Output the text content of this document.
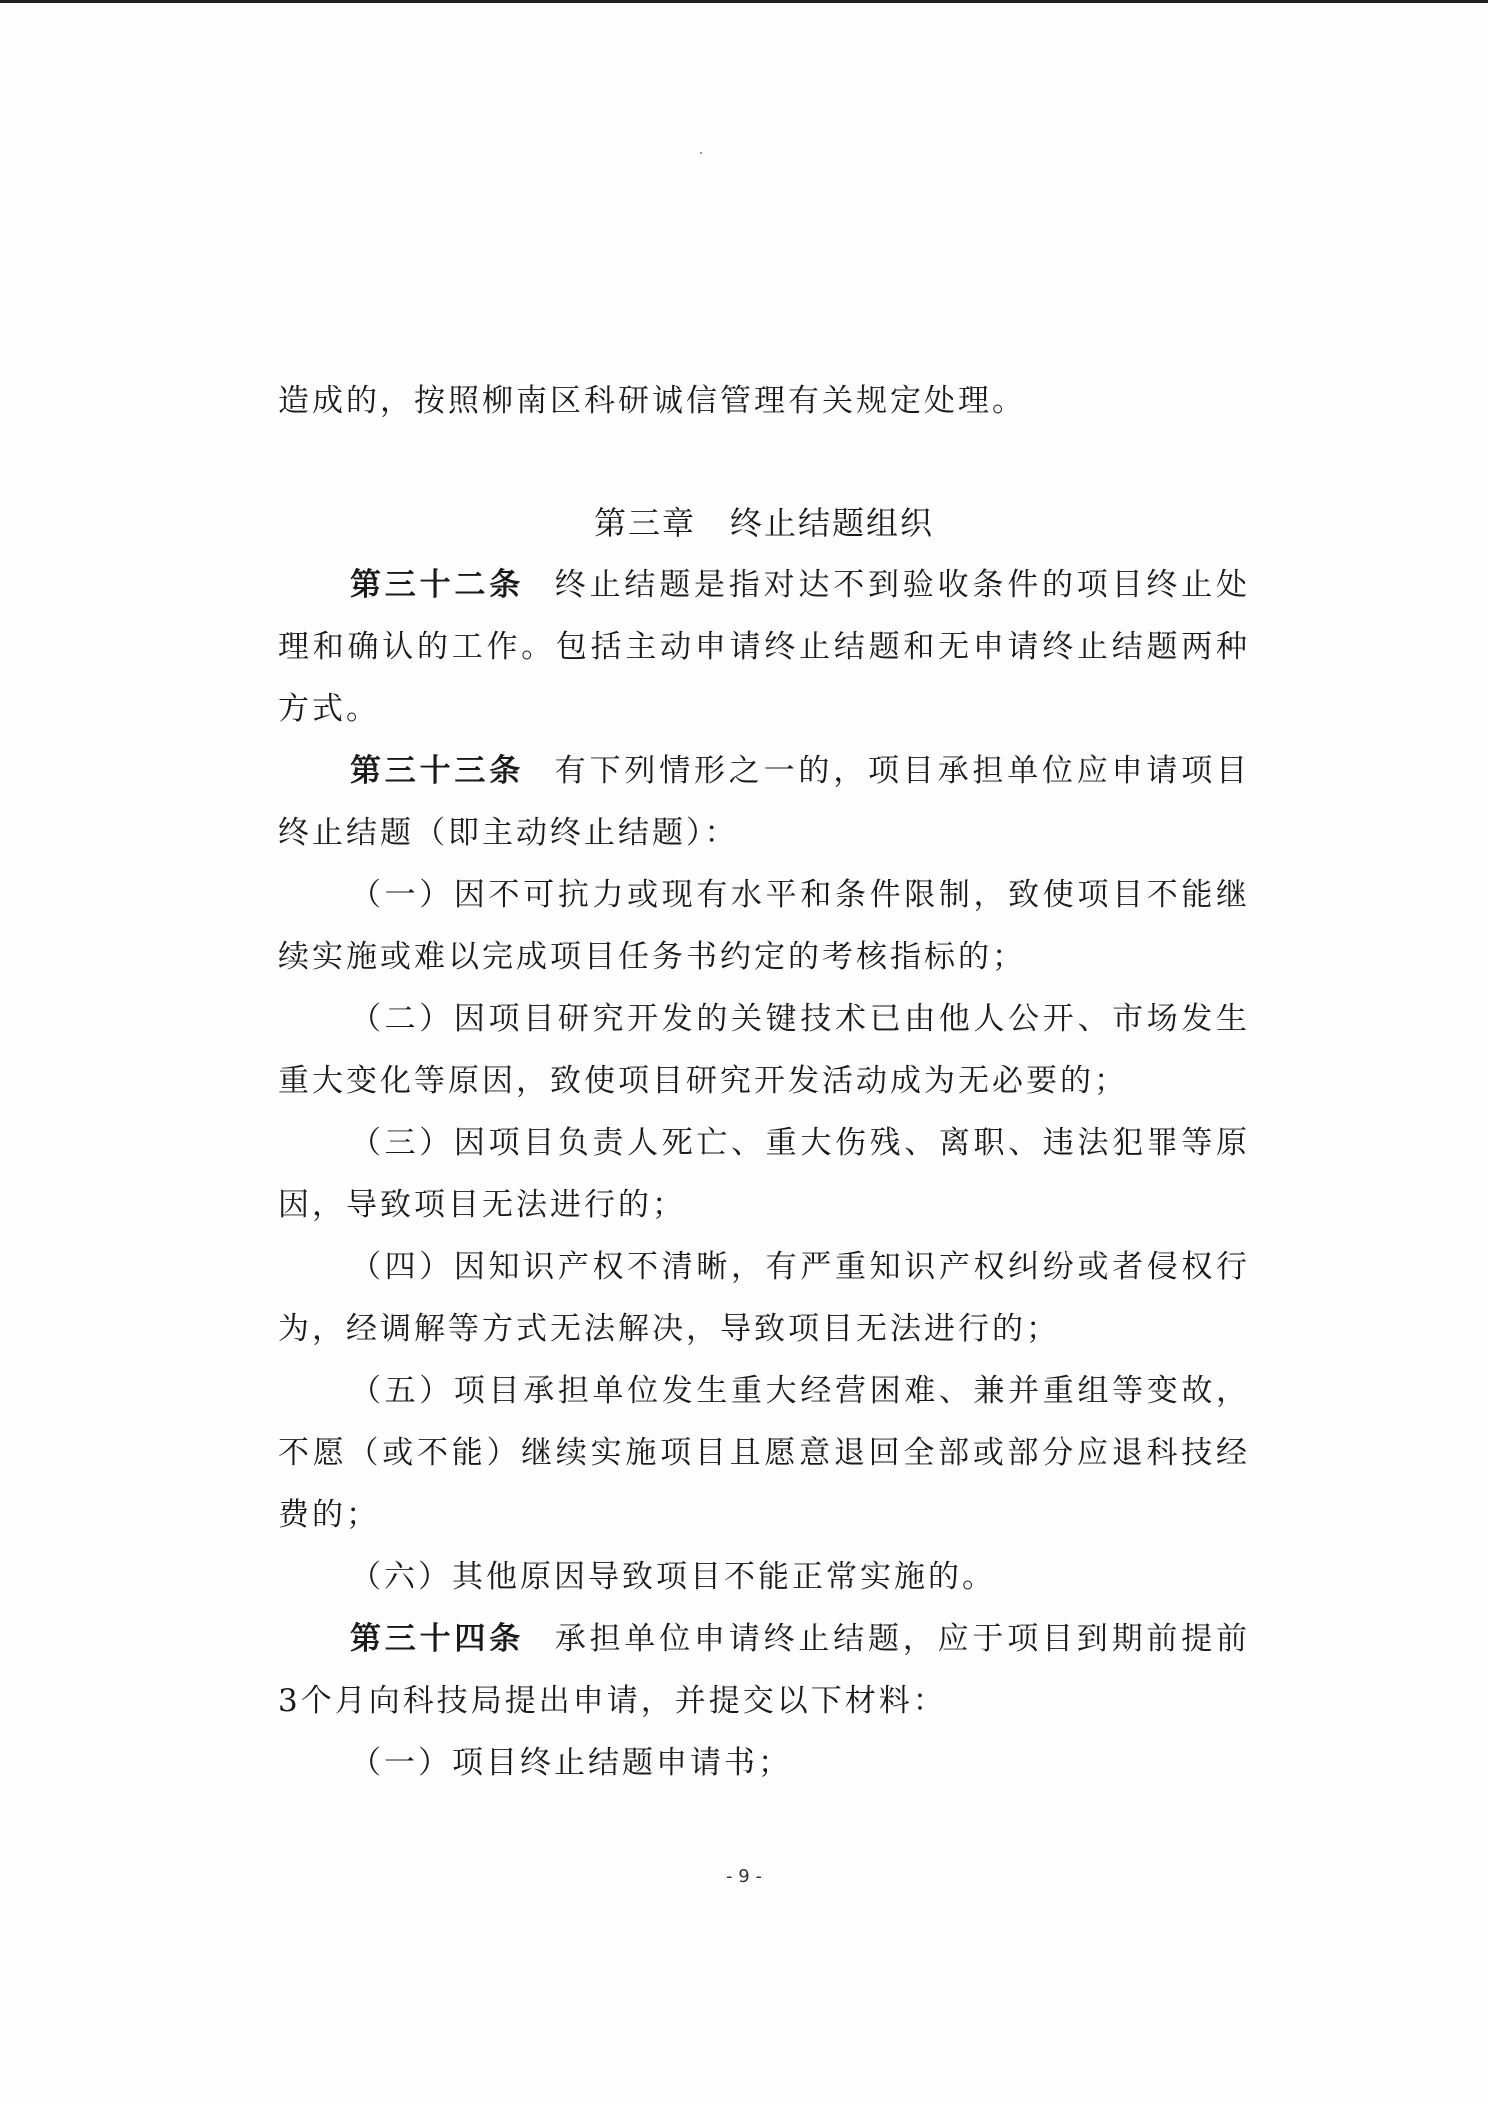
造成的，按照柳南区科研诚信管理有关规定处理。

第三章 终止结题组织

第三十二条 终止结题是指对达不到验收条件的项目终止处理和确认的工作。包括主动申请终止结题和无申请终止结题两种方式。

第三十三条 有下列情形之一的，项目承担单位应申请项目终止结题（即主动终止结题）：

（一）因不可抗力或现有水平和条件限制，致使项目不能继续实施或难以完成项目任务书约定的考核指标的；

（二）因项目研究开发的关键技术已由他人公开、市场发生重大变化等原因，致使项目研究开发活动成为无必要的；

（三）因项目负责人死亡、重大伤残、离职、违法犯罪等原因，导致项目无法进行的；

（四）因知识产权不清晰，有严重知识产权纠纷或者侵权行为，经调解等方式无法解决，导致项目无法进行的；

（五）项目承担单位发生重大经营困难、兼并重组等变故，不愿（或不能）继续实施项目且愿意退回全部或部分应退科技经费的；

（六）其他原因导致项目不能正常实施的。

第三十四条 承担单位申请终止结题，应于项目到期前提前3个月向科技局提出申请，并提交以下材料：

（一）项目终止结题申请书；

- 9 -
